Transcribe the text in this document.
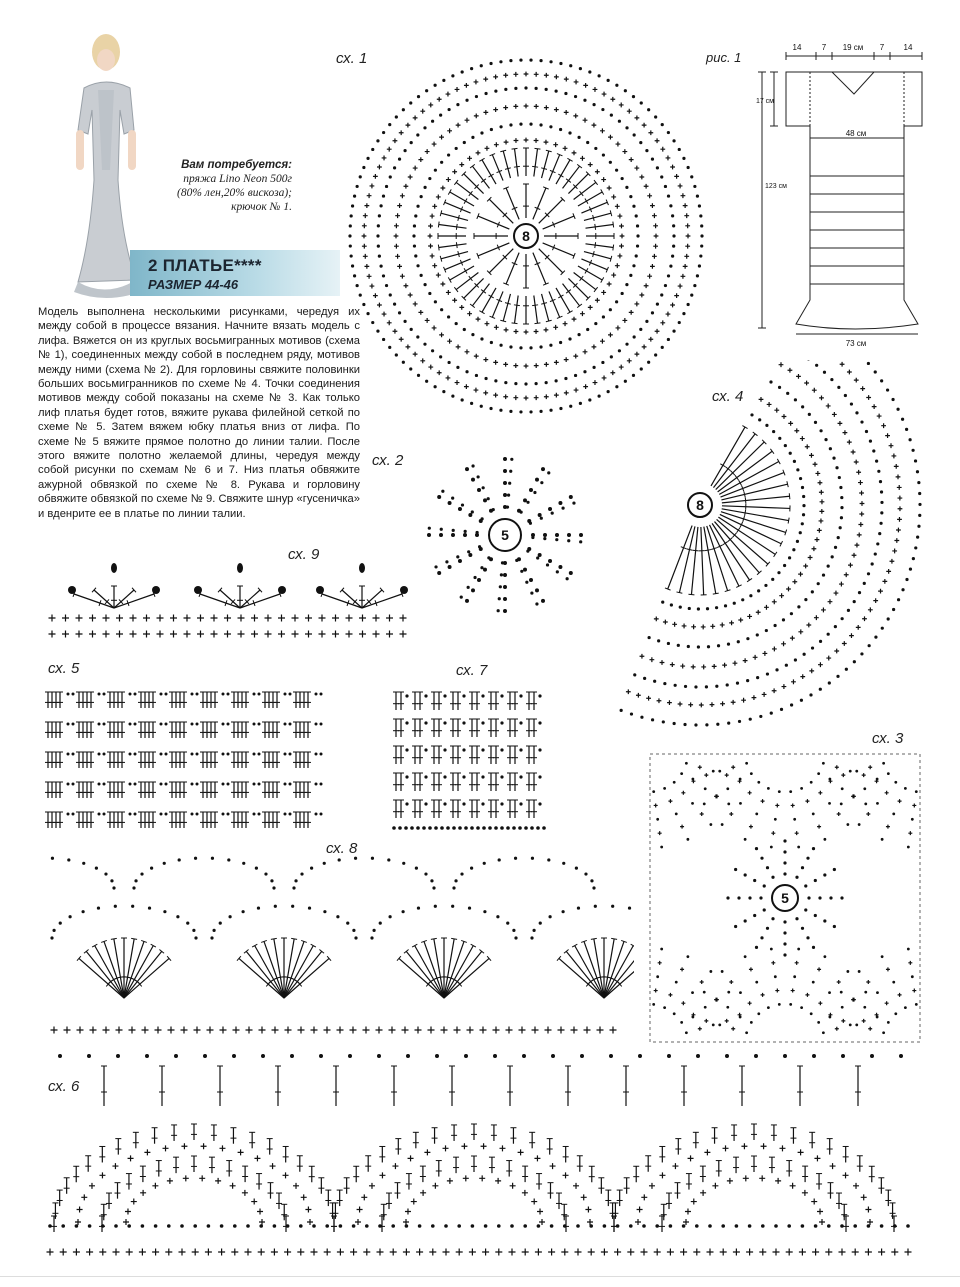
Вам потребуется:
пряжа Lino Neon 500г
(80% лен,20% вискоза);
крючок № 1.
2 ПЛАТЬЕ****
РАЗМЕР 44-46
Модель выполнена несколькими рисунками, чередуя их между собой в процессе вязания. Начните вязать модель с лифа. Вяжется он из круглых восьмигранных мотивов (схема № 1), соединенных между собой в последнем ряду, мотивов между ними (схема № 2). Для горловины свяжите половинки больших восьмигранников по схеме № 4. Точки соединения мотивов между собой показаны на схеме № 3. Как только лиф платья будет готов, вяжите рукава филейной сеткой по схеме № 5. Затем вяжем юбку платья вниз от лифа. По схеме № 5 вяжите прямое полотно до линии талии. После этого вяжите полотно желаемой длины, чередуя между собой рисунки по схемам № 6 и 7. Низ платья обвяжите ажурной обвязкой по схеме № 8. Рукава и горловину обвяжите обвязкой по схеме № 9. Свяжите шнур «гусеничка» и вденрите ее в платье по линии талии.
сх. 1	рис. 1
сх. 2
сх. 4
сх. 9
сх. 5	сх. 7
сх. 3
сх. 8
сх. 6
8
5
8
5
14	7 19 см 7 14
17 см
48 см
123 см
73 см
